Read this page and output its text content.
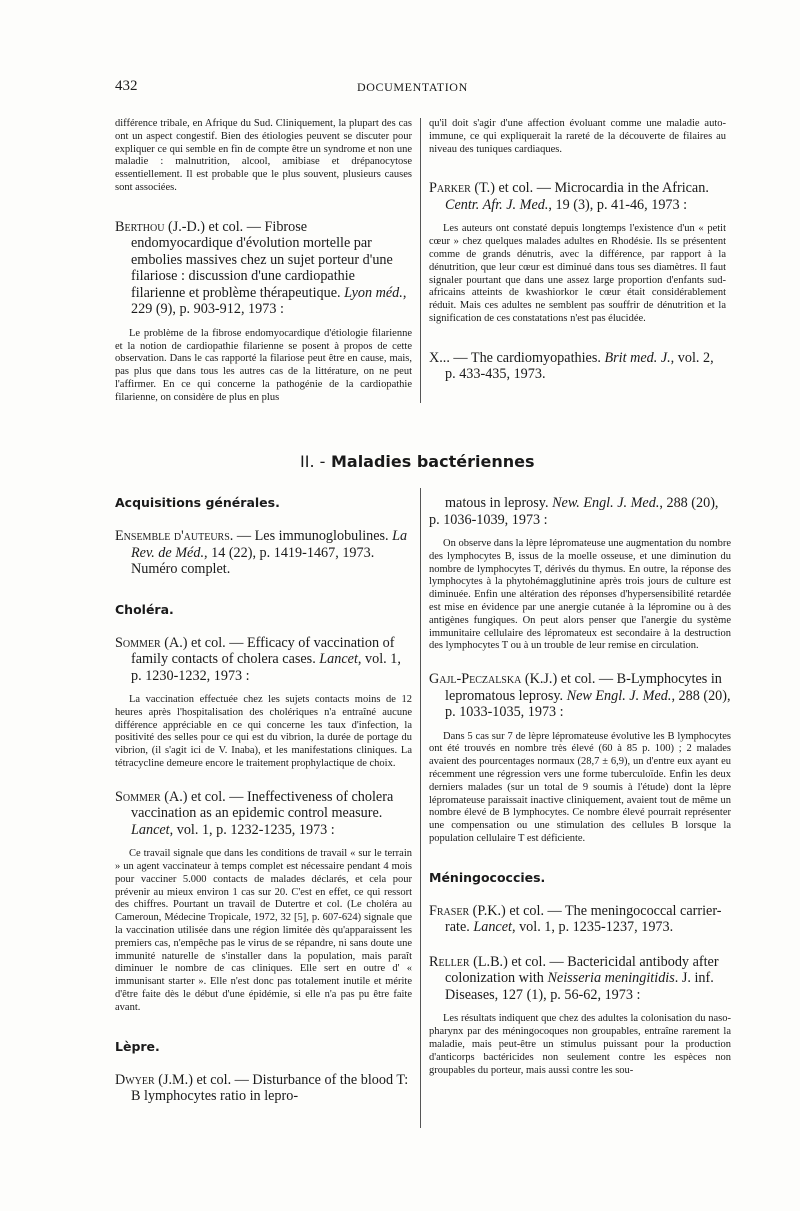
432	DOCUMENTATION

différence tribale, en Afrique du Sud. Cliniquement, la plupart des cas ont un aspect congestif. Bien des étiologies peuvent se discuter pour expliquer ce qui semble en fin de compte être un syndrome et non une maladie : malnutrition, alcool, amibiase et drépanocytose essentiellement. Il est probable que le plus souvent, plusieurs causes sont associées.

Berthou (J.-D.) et col. — Fibrose endomyocardique d'évolution mortelle par embolies massives chez un sujet porteur d'une filariose : discussion d'une cardiopathie filarienne et problème thérapeutique. Lyon méd., 229 (9), p. 903-912, 1973 :

Le problème de la fibrose endomyocardique d'étiologie filarienne et la notion de cardiopathie filarienne se posent à propos de cette observation. Dans le cas rapporté la filariose peut être en cause, mais, pas plus que dans tous les autres cas de la littérature, on ne peut l'affirmer. En ce qui concerne la pathogénie de la cardiopathie filarienne, on considère de plus en plus

qu'il doit s'agir d'une affection évoluant comme une maladie auto-immune, ce qui expliquerait la rareté de la découverte de filaires au niveau des tuniques cardiaques.

Parker (T.) et col. — Microcardia in the African. Centr. Afr. J. Med., 19 (3), p. 41-46, 1973 :

Les auteurs ont constaté depuis longtemps l'existence d'un « petit cœur » chez quelques malades adultes en Rhodésie. Ils se présentent comme de grands dénutris, avec la différence, par rapport à la dénutrition, que leur cœur est diminué dans tous ses diamètres. Il faut signaler pourtant que dans une assez large proportion d'enfants sud-africains atteints de kwashiorkor le cœur était considérablement réduit. Mais ces adultes ne semblent pas souffrir de dénutrition et la signification de ces constatations n'est pas élucidée.

X... — The cardiomyopathies. Brit med. J., vol. 2, p. 433-435, 1973.

II. - Maladies bactériennes

Acquisitions générales.

Ensemble d'auteurs. — Les immunoglobulines. La Rev. de Méd., 14 (22), p. 1419-1467, 1973. Numéro complet.

Choléra.

Sommer (A.) et col. — Efficacy of vaccination of family contacts of cholera cases. Lancet, vol. 1, p. 1230-1232, 1973 :

La vaccination effectuée chez les sujets contacts moins de 12 heures après l'hospitalisation des cholériques n'a entraîné aucune différence appréciable en ce qui concerne les taux d'infection, la positivité des selles pour ce qui est du vibrion, la durée de portage du vibrion, (il s'agit ici de V. Inaba), et les manifestations cliniques. La tétracycline demeure encore le traitement prophylactique de choix.

Sommer (A.) et col. — Ineffectiveness of cholera vaccination as an epidemic control measure. Lancet, vol. 1, p. 1232-1235, 1973 :

Ce travail signale que dans les conditions de travail « sur le terrain » un agent vaccinateur à temps complet est nécessaire pendant 4 mois pour vacciner 5.000 contacts de malades déclarés, et cela pour prévenir au mieux environ 1 cas sur 20. C'est en effet, ce qui ressort des chiffres. Pourtant un travail de Dutertre et col. (Le choléra au Cameroun, Médecine Tropicale, 1972, 32 [5], p. 607-624) signale que la vaccination utilisée dans une région limitée dès qu'apparaissent les premiers cas, n'empêche pas le virus de se répandre, ni sans doute une immunité naturelle de s'installer dans la population, mais paraît diminuer le nombre de cas cliniques. Elle sert en outre d' « immunisant starter ». Elle n'est donc pas totalement inutile et mérite d'être faite dès le début d'une épidémie, si elle n'a pas pu être faite avant.

Lèpre.

Dwyer (J.M.) et col. — Disturbance of the blood T: B lymphocytes ratio in lepro-

matous in leprosy. New. Engl. J. Med., 288 (20), p. 1036-1039, 1973 :

On observe dans la lèpre lépromateuse une augmentation du nombre des lymphocytes B, issus de la moelle osseuse, et une diminution du nombre de lymphocytes T, dérivés du thymus. En outre, la réponse des lymphocytes à la phytohémagglutinine après trois jours de culture est diminuée. Enfin une altération des réponses d'hypersensibilité retardée est mise en évidence par une anergie cutanée à la lépromine ou à des antigènes fungiques. On peut alors penser que l'anergie du système immunitaire cellulaire des lépromateux est secondaire à la destruction des lymphocytes T ou à un trouble de leur remise en circulation.

Gajl-Peczalska (K.J.) et col. — B-Lymphocytes in lepromatous leprosy. New Engl. J. Med., 288 (20), p. 1033-1035, 1973 :

Dans 5 cas sur 7 de lèpre lépromateuse évolutive les B lymphocytes ont été trouvés en nombre très élevé (60 à 85 p. 100) ; 2 malades avaient des pourcentages normaux (28,7 ± 6,9), un d'entre eux ayant eu récemment une régression vers une forme tuberculoïde. Enfin les deux derniers malades (sur un total de 9 soumis à l'étude) dont la lèpre lépromateuse paraissait inactive cliniquement, avaient tout de même un nombre élevé de B lymphocytes. Ce nombre élevé pourrait représenter une compensation ou une stimulation des cellules B lorsque la population cellulaire T est déficiente.

Méningococcies.

Fraser (P.K.) et col. — The meningococcal carrier-rate. Lancet, vol. 1, p. 1235-1237, 1973.

Reller (L.B.) et col. — Bactericidal antibody after colonization with Neisseria meningitidis. J. inf. Diseases, 127 (1), p. 56-62, 1973 :

Les résultats indiquent que chez des adultes la colonisation du naso-pharynx par des méningocoques non groupables, entraîne rarement la maladie, mais peut-être un stimulus puissant pour la production d'anticorps bactéricides non seulement contre les espèces non groupables du porteur, mais aussi contre les sou-
